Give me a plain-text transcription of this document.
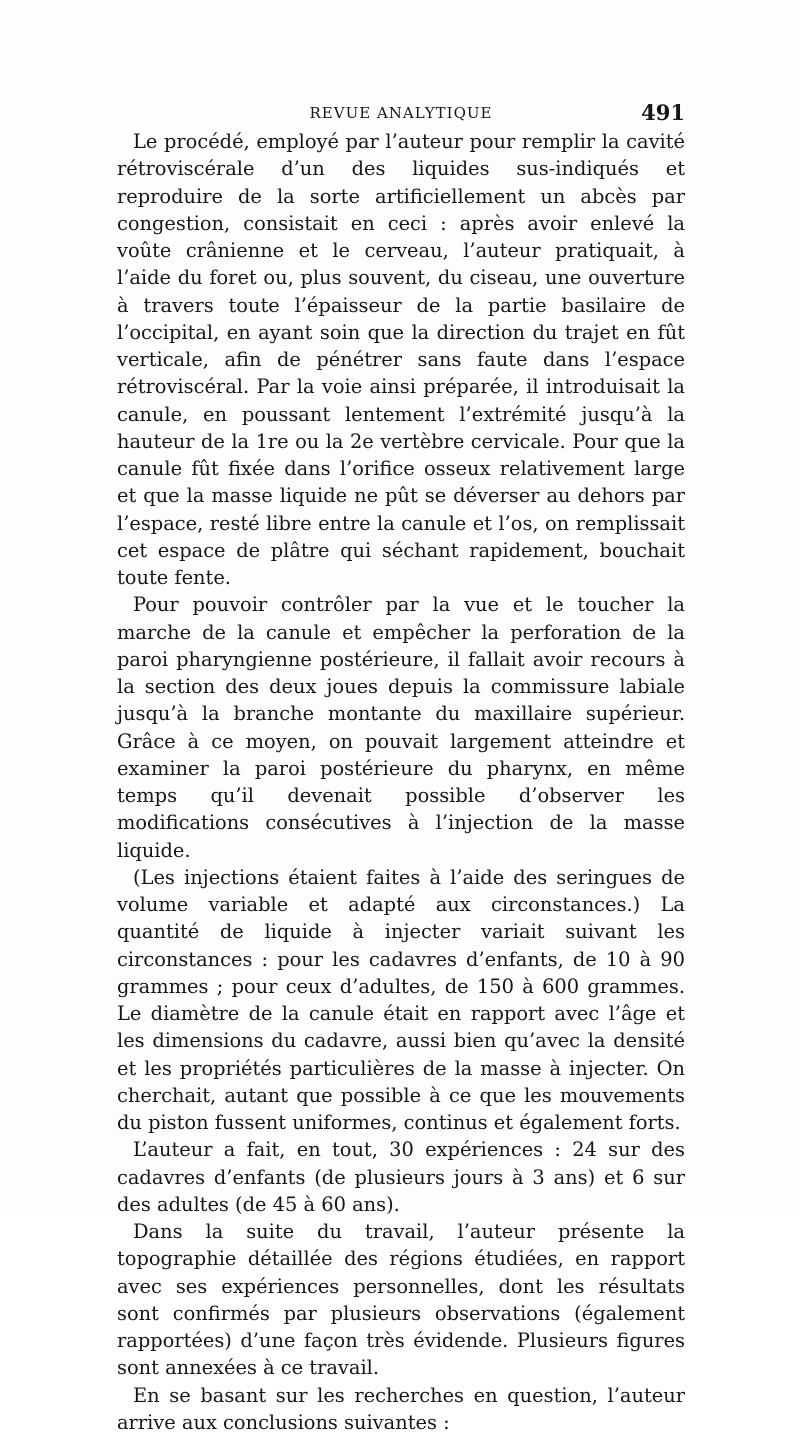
REVUE ANALYTIQUE	491

Le procédé, employé par l’auteur pour remplir la cavité rétroviscérale d’un des liquides sus-indiqués et reproduire de la sorte artificiellement un abcès par congestion, consistait en ceci : après avoir enlevé la voûte crânienne et le cerveau, l’auteur pratiquait, à l’aide du foret ou, plus souvent, du ciseau, une ouverture à travers toute l’épaisseur de la partie basilaire de l’occipital, en ayant soin que la direction du trajet en fût verticale, afin de pénétrer sans faute dans l’espace rétroviscéral. Par la voie ainsi préparée, il introduisait la canule, en poussant lentement l’extrémité jusqu’à la hauteur de la 1re ou la 2e vertèbre cervicale. Pour que la canule fût fixée dans l’orifice osseux relativement large et que la masse liquide ne pût se déverser au dehors par l’espace, resté libre entre la canule et l’os, on remplissait cet espace de plâtre qui séchant rapidement, bouchait toute fente.

Pour pouvoir contrôler par la vue et le toucher la marche de la canule et empêcher la perforation de la paroi pharyngienne postérieure, il fallait avoir recours à la section des deux joues depuis la commissure labiale jusqu’à la branche montante du maxillaire supérieur. Grâce à ce moyen, on pouvait largement atteindre et examiner la paroi postérieure du pharynx, en même temps qu’il devenait possible d’observer les modifications consécutives à l’injection de la masse liquide.

(Les injections étaient faites à l’aide des seringues de volume variable et adapté aux circonstances.) La quantité de liquide à injecter variait suivant les circonstances : pour les cadavres d’enfants, de 10 à 90 grammes ; pour ceux d’adultes, de 150 à 600 grammes. Le diamètre de la canule était en rapport avec l’âge et les dimensions du cadavre, aussi bien qu’avec la densité et les propriétés particulières de la masse à injecter. On cherchait, autant que possible à ce que les mouvements du piston fussent uniformes, continus et également forts.

L’auteur a fait, en tout, 30 expériences : 24 sur des cadavres d’enfants (de plusieurs jours à 3 ans) et 6 sur des adultes (de 45 à 60 ans).

Dans la suite du travail, l’auteur présente la topographie détaillée des régions étudiées, en rapport avec ses expériences personnelles, dont les résultats sont confirmés par plusieurs observations (également rapportées) d’une façon très évidende. Plusieurs figures sont annexées à ce travail.

En se basant sur les recherches en question, l’auteur arrive aux conclusions suivantes :
